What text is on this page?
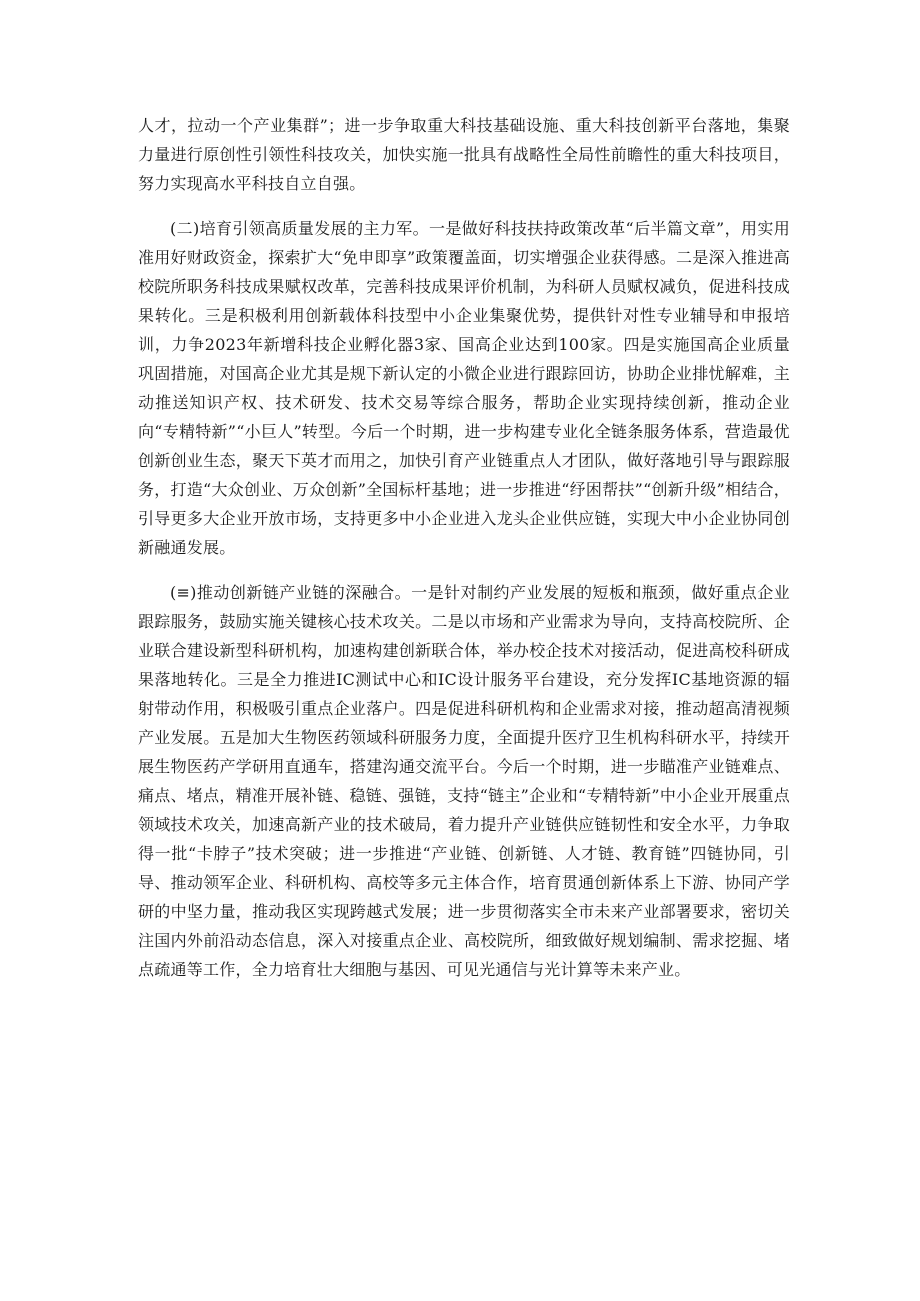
人才，拉动一个产业集群”；进一步争取重大科技基础设施、重大科技创新平台落地，集聚力量进行原创性引领性科技攻关，加快实施一批具有战略性全局性前瞻性的重大科技项目，努力实现高水平科技自立自强。

(二)培育引领高质量发展的主力军。一是做好科技扶持政策改革“后半篇文章”，用实用准用好财政资金，探索扩大“免申即享”政策覆盖面，切实增强企业获得感。二是深入推进高校院所职务科技成果赋权改革，完善科技成果评价机制，为科研人员赋权减负，促进科技成果转化。三是积极利用创新载体科技型中小企业集聚优势，提供针对性专业辅导和申报培训，力争2023年新增科技企业孵化器3家、国高企业达到100家。四是实施国高企业质量巩固措施，对国高企业尤其是规下新认定的小微企业进行跟踪回访，协助企业排忧解难，主动推送知识产权、技术研发、技术交易等综合服务，帮助企业实现持续创新，推动企业向“专精特新”“小巨人”转型。今后一个时期，进一步构建专业化全链条服务体系，营造最优创新创业生态，聚天下英才而用之，加快引育产业链重点人才团队，做好落地引导与跟踪服务，打造“大众创业、万众创新”全国标杆基地；进一步推进“纾困帮扶”“创新升级”相结合，引导更多大企业开放市场，支持更多中小企业进入龙头企业供应链，实现大中小企业协同创新融通发展。

(≡)推动创新链产业链的深融合。一是针对制约产业发展的短板和瓶颈，做好重点企业跟踪服务，鼓励实施关键核心技术攻关。二是以市场和产业需求为导向，支持高校院所、企业联合建设新型科研机构，加速构建创新联合体，举办校企技术对接活动，促进高校科研成果落地转化。三是全力推进IC测试中心和IC设计服务平台建设，充分发挥IC基地资源的辐射带动作用，积极吸引重点企业落户。四是促进科研机构和企业需求对接，推动超高清视频产业发展。五是加大生物医药领域科研服务力度，全面提升医疗卫生机构科研水平，持续开展生物医药产学研用直通车，搭建沟通交流平台。今后一个时期，进一步瞄准产业链难点、痛点、堵点，精准开展补链、稳链、强链，支持“链主”企业和“专精特新”中小企业开展重点领域技术攻关，加速高新产业的技术破局，着力提升产业链供应链韧性和安全水平，力争取得一批“卡脖子”技术突破；进一步推进“产业链、创新链、人才链、教育链”四链协同，引导、推动领军企业、科研机构、高校等多元主体合作，培育贯通创新体系上下游、协同产学研的中坚力量，推动我区实现跨越式发展；进一步贯彻落实全市未来产业部署要求，密切关注国内外前沿动态信息，深入对接重点企业、高校院所，细致做好规划编制、需求挖掘、堵点疏通等工作，全力培育壮大细胞与基因、可见光通信与光计算等未来产业。
